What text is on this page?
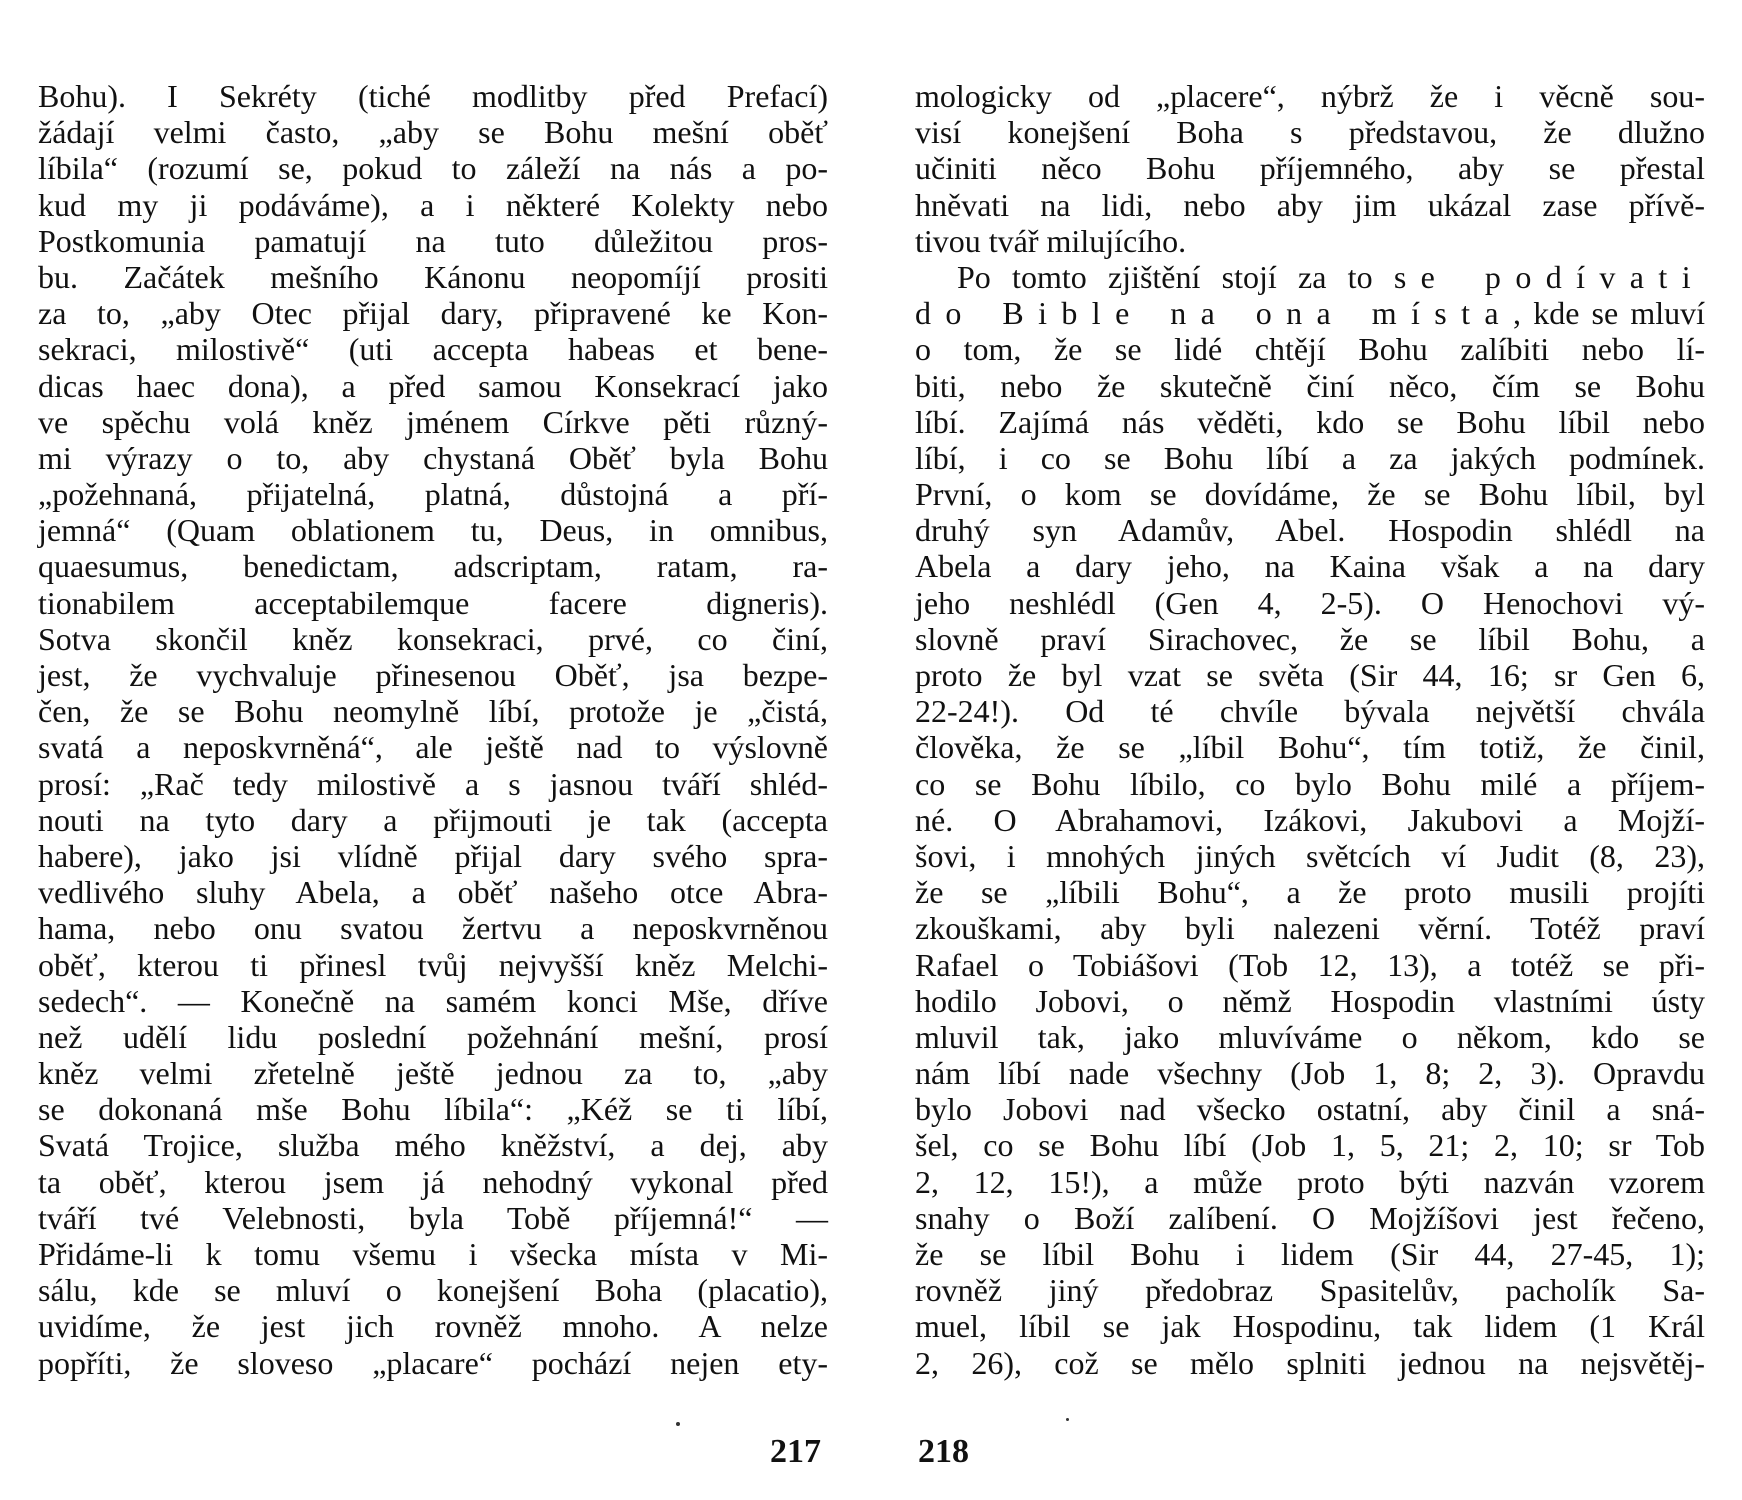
Bohu). I Sekréty (tiché modlitby před Prefací)
žádají velmi často, „aby se Bohu mešní oběť
líbila“ (rozumí se, pokud to záleží na nás a po-
kud my ji podáváme), a i některé Kolekty nebo
Postkomunia pamatují na tuto důležitou pros-
bu. Začátek mešního Kánonu neopomíjí prositi
za to, „aby Otec přijal dary, připravené ke Kon-
sekraci, milostivě“ (uti accepta habeas et bene-
dicas haec dona), a před samou Konsekrací jako
ve spěchu volá kněz jménem Církve pěti různý-
mi výrazy o to, aby chystaná Oběť byla Bohu
„požehnaná, přijatelná, platná, důstojná a pří-
jemná“ (Quam oblationem tu, Deus, in omnibus,
quaesumus, benedictam, adscriptam, ratam, ra-
tionabilem acceptabilemque facere digneris).
Sotva skončil kněz konsekraci, prvé, co činí,
jest, že vychvaluje přinesenou Oběť, jsa bezpe-
čen, že se Bohu neomylně líbí, protože je „čistá,
svatá a neposkvrněná“, ale ještě nad to výslovně
prosí: „Rač tedy milostivě a s jasnou tváří shléd-
nouti na tyto dary a přijmouti je tak (accepta
habere), jako jsi vlídně přijal dary svého spra-
vedlivého sluhy Abela, a oběť našeho otce Abra-
hama, nebo onu svatou žertvu a neposkvrněnou
oběť, kterou ti přinesl tvůj nejvyšší kněz Melchi-
sedech“. — Konečně na samém konci Mše, dříve
než udělí lidu poslední požehnání mešní, prosí
kněz velmi zřetelně ještě jednou za to, „aby
se dokonaná mše Bohu líbila“: „Kéž se ti líbí,
Svatá Trojice, služba mého kněžství, a dej, aby
ta oběť, kterou jsem já nehodný vykonal před
tváří tvé Velebnosti, byla Tobě příjemná!“ —
Přidáme-li k tomu všemu i všecka místa v Mi-
sálu, kde se mluví o konejšení Boha (placatio),
uvidíme, že jest jich rovněž mnoho. A nelze
popříti, že sloveso „placare“ pochází nejen ety-
mologicky od „placere“, nýbrž že i věcně sou-
visí konejšení Boha s představou, že dlužno
učiniti něco Bohu příjemného, aby se přestal
hněvati na lidi, nebo aby jim ukázal zase přívě-
tivou tvář milujícího.
Po tomto zjištění stojí za to se podívati
do Bible na ona místa, kde se mluví
o tom, že se lidé chtějí Bohu zalíbiti nebo lí-
biti, nebo že skutečně činí něco, čím se Bohu
líbí. Zajímá nás věděti, kdo se Bohu líbil nebo
líbí, i co se Bohu líbí a za jakých podmínek.
První, o kom se dovídáme, že se Bohu líbil, byl
druhý syn Adamův, Abel. Hospodin shlédl na
Abela a dary jeho, na Kaina však a na dary
jeho neshlédl (Gen 4, 2-5). O Henochovi vý-
slovně praví Sirachovec, že se líbil Bohu, a
proto že byl vzat se světa (Sir 44, 16; sr Gen 6,
22-24!). Od té chvíle bývala největší chvála
člověka, že se „líbil Bohu“, tím totiž, že činil,
co se Bohu líbilo, co bylo Bohu milé a příjem-
né. O Abrahamovi, Izákovi, Jakubovi a Mojží-
šovi, i mnohých jiných světcích ví Judit (8, 23),
že se „líbili Bohu“, a že proto musili projíti
zkouškami, aby byli nalezeni věrní. Totéž praví
Rafael o Tobiášovi (Tob 12, 13), a totéž se při-
hodilo Jobovi, o němž Hospodin vlastními ústy
mluvil tak, jako mluvíváme o někom, kdo se
nám líbí nade všechny (Job 1, 8; 2, 3). Opravdu
bylo Jobovi nad všecko ostatní, aby činil a sná-
šel, co se Bohu líbí (Job 1, 5, 21; 2, 10; sr Tob
2, 12, 15!), a může proto býti nazván vzorem
snahy o Boží zalíbení. O Mojžíšovi jest řečeno,
že se líbil Bohu i lidem (Sir 44, 27-45, 1);
rovněž jiný předobraz Spasitelův, pacholík Sa-
muel, líbil se jak Hospodinu, tak lidem (1 Král
2, 26), což se mělo splniti jednou na nejsvětěj-
217	218
